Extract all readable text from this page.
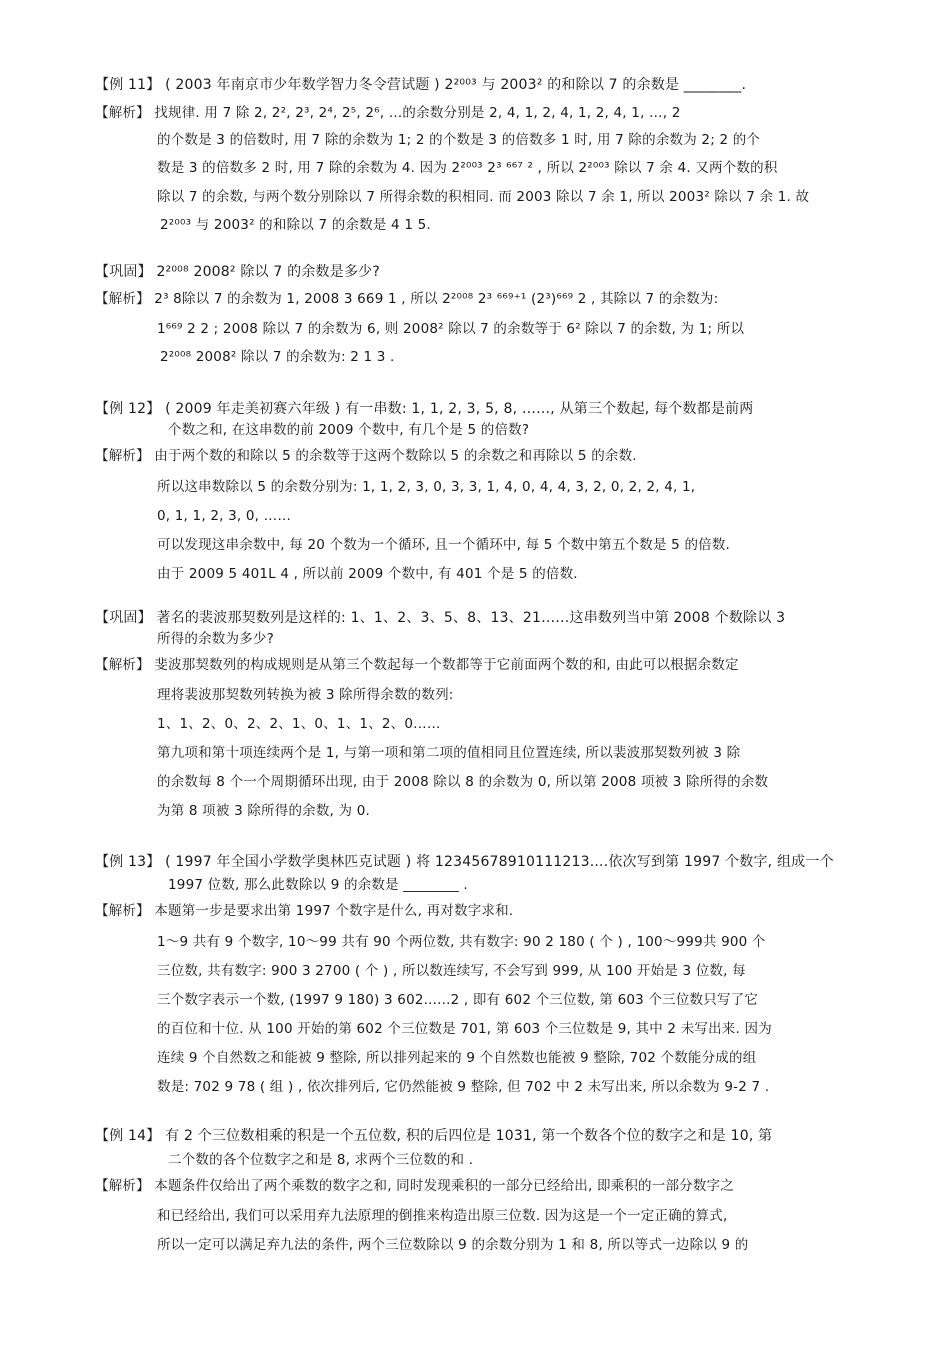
【例 11】 ( 2003 年南京市少年数学智力冬令营试题 ) 2²⁰⁰³ 与 2003² 的和除以 7 的余数是 ________.
【解析】 找规律. 用 7 除 2, 2², 2³, 2⁴, 2⁵, 2⁶, …的余数分别是 2, 4, 1, 2, 4, 1, 2, 4, 1, …, 2
的个数是 3 的倍数时, 用 7 除的余数为 1; 2 的个数是 3 的倍数多 1 时, 用 7 除的余数为 2; 2 的个
数是 3 的倍数多 2 时, 用 7 除的余数为 4. 因为 2²⁰⁰³ 2³ ⁶⁶⁷ ² , 所以 2²⁰⁰³ 除以 7 余 4. 又两个数的积
除以 7 的余数, 与两个数分别除以 7 所得余数的积相同. 而 2003 除以 7 余 1, 所以 2003² 除以 7 余 1. 故
2²⁰⁰³ 与 2003² 的和除以 7 的余数是 4 1 5.
【巩固】 2²⁰⁰⁸ 2008² 除以 7 的余数是多少?
【解析】 2³ 8除以 7 的余数为 1, 2008 3 669 1 , 所以 2²⁰⁰⁸ 2³ ⁶⁶⁹⁺¹ (2³)⁶⁶⁹ 2 , 其除以 7 的余数为:
1⁶⁶⁹ 2 2 ; 2008 除以 7 的余数为 6, 则 2008² 除以 7 的余数等于 6² 除以 7 的余数, 为 1; 所以
2²⁰⁰⁸ 2008² 除以 7 的余数为: 2 1 3 .
【例 12】 ( 2009 年走美初赛六年级 ) 有一串数: 1, 1, 2, 3, 5, 8, ……, 从第三个数起, 每个数都是前两
个数之和, 在这串数的前 2009 个数中, 有几个是 5 的倍数?
【解析】 由于两个数的和除以 5 的余数等于这两个数除以 5 的余数之和再除以 5 的余数.
所以这串数除以 5 的余数分别为: 1, 1, 2, 3, 0, 3, 3, 1, 4, 0, 4, 4, 3, 2, 0, 2, 2, 4, 1,
0, 1, 1, 2, 3, 0, ……
可以发现这串余数中, 每 20 个数为一个循环, 且一个循环中, 每 5 个数中第五个数是 5 的倍数.
由于 2009 5 401L 4 , 所以前 2009 个数中, 有 401 个是 5 的倍数.
【巩固】 著名的裴波那契数列是这样的: 1、1、2、3、5、8、13、21……这串数列当中第 2008 个数除以 3
所得的余数为多少?
【解析】 斐波那契数列的构成规则是从第三个数起每一个数都等于它前面两个数的和, 由此可以根据余数定
理将裴波那契数列转换为被 3 除所得余数的数列:
1、1、2、0、2、2、1、0、1、1、2、0……
第九项和第十项连续两个是 1, 与第一项和第二项的值相同且位置连续, 所以裴波那契数列被 3 除
的余数每 8 个一个周期循环出现, 由于 2008 除以 8 的余数为 0, 所以第 2008 项被 3 除所得的余数
为第 8 项被 3 除所得的余数, 为 0.
【例 13】 ( 1997 年全国小学数学奥林匹克试题 ) 将 12345678910111213....依次写到第 1997 个数字, 组成一个
1997 位数, 那么此数除以 9 的余数是 ________ .
【解析】 本题第一步是要求出第 1997 个数字是什么, 再对数字求和.
1～9 共有 9 个数字, 10～99 共有 90 个两位数, 共有数字: 90 2 180 ( 个 ) , 100～999共 900 个
三位数, 共有数字: 900 3 2700 ( 个 ) , 所以数连续写, 不会写到 999, 从 100 开始是 3 位数, 每
三个数字表示一个数, (1997 9 180) 3 602......2 , 即有 602 个三位数, 第 603 个三位数只写了它
的百位和十位. 从 100 开始的第 602 个三位数是 701, 第 603 个三位数是 9, 其中 2 未写出来. 因为
连续 9 个自然数之和能被 9 整除, 所以排列起来的 9 个自然数也能被 9 整除, 702 个数能分成的组
数是: 702 9 78 ( 组 ) , 依次排列后, 它仍然能被 9 整除, 但 702 中 2 未写出来, 所以余数为 9-2 7 .
【例 14】 有 2 个三位数相乘的积是一个五位数, 积的后四位是 1031, 第一个数各个位的数字之和是 10, 第
二个数的各个位数字之和是 8, 求两个三位数的和 .
【解析】 本题条件仅给出了两个乘数的数字之和, 同时发现乘积的一部分已经给出, 即乘积的一部分数字之
和已经给出, 我们可以采用弃九法原理的倒推来构造出原三位数. 因为这是一个一定正确的算式,
所以一定可以满足弃九法的条件, 两个三位数除以 9 的余数分别为 1 和 8, 所以等式一边除以 9 的
